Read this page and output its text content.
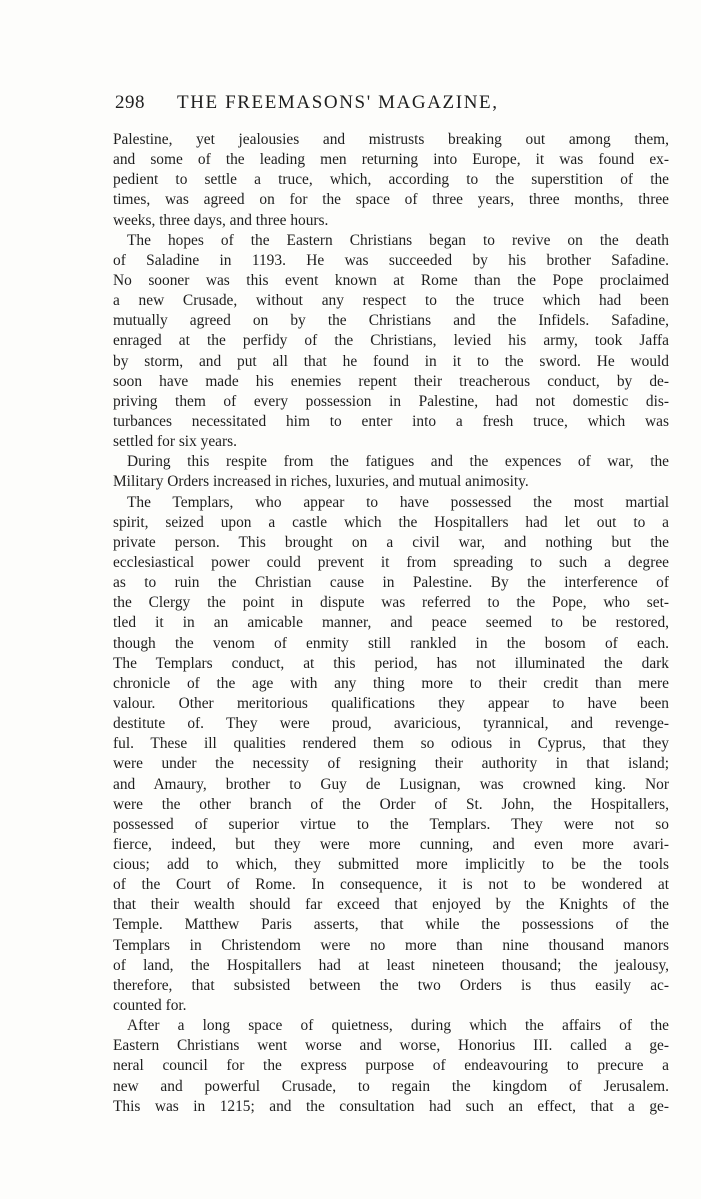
298 THE FREEMASONS' MAGAZINE,
Palestine, yet jealousies and mistrusts breaking out among them,
and some of the leading men returning into Europe, it was found ex-
pedient to settle a truce, which, according to the superstition of the
times, was agreed on for the space of three years, three months, three
weeks, three days, and three hours.
The hopes of the Eastern Christians began to revive on the death
of Saladine in 1193. He was succeeded by his brother Safadine.
No sooner was this event known at Rome than the Pope proclaimed
a new Crusade, without any respect to the truce which had been
mutually agreed on by the Christians and the Infidels. Safadine,
enraged at the perfidy of the Christians, levied his army, took Jaffa
by storm, and put all that he found in it to the sword. He would
soon have made his enemies repent their treacherous conduct, by de-
priving them of every possession in Palestine, had not domestic dis-
turbances necessitated him to enter into a fresh truce, which was
settled for six years.
During this respite from the fatigues and the expences of war, the
Military Orders increased in riches, luxuries, and mutual animosity.
The Templars, who appear to have possessed the most martial
spirit, seized upon a castle which the Hospitallers had let out to a
private person. This brought on a civil war, and nothing but the
ecclesiastical power could prevent it from spreading to such a degree
as to ruin the Christian cause in Palestine. By the interference of
the Clergy the point in dispute was referred to the Pope, who set-
tled it in an amicable manner, and peace seemed to be restored,
though the venom of enmity still rankled in the bosom of each.
The Templars conduct, at this period, has not illuminated the dark
chronicle of the age with any thing more to their credit than mere
valour. Other meritorious qualifications they appear to have been
destitute of. They were proud, avaricious, tyrannical, and revenge-
ful. These ill qualities rendered them so odious in Cyprus, that they
were under the necessity of resigning their authority in that island;
and Amaury, brother to Guy de Lusignan, was crowned king. Nor
were the other branch of the Order of St. John, the Hospitallers,
possessed of superior virtue to the Templars. They were not so
fierce, indeed, but they were more cunning, and even more avari-
cious; add to which, they submitted more implicitly to be the tools
of the Court of Rome. In consequence, it is not to be wondered at
that their wealth should far exceed that enjoyed by the Knights of the
Temple. Matthew Paris asserts, that while the possessions of the
Templars in Christendom were no more than nine thousand manors
of land, the Hospitallers had at least nineteen thousand; the jealousy,
therefore, that subsisted between the two Orders is thus easily ac-
counted for.
After a long space of quietness, during which the affairs of the
Eastern Christians went worse and worse, Honorius III. called a ge-
neral council for the express purpose of endeavouring to precure a
new and powerful Crusade, to regain the kingdom of Jerusalem.
This was in 1215; and the consultation had such an effect, that a ge-
